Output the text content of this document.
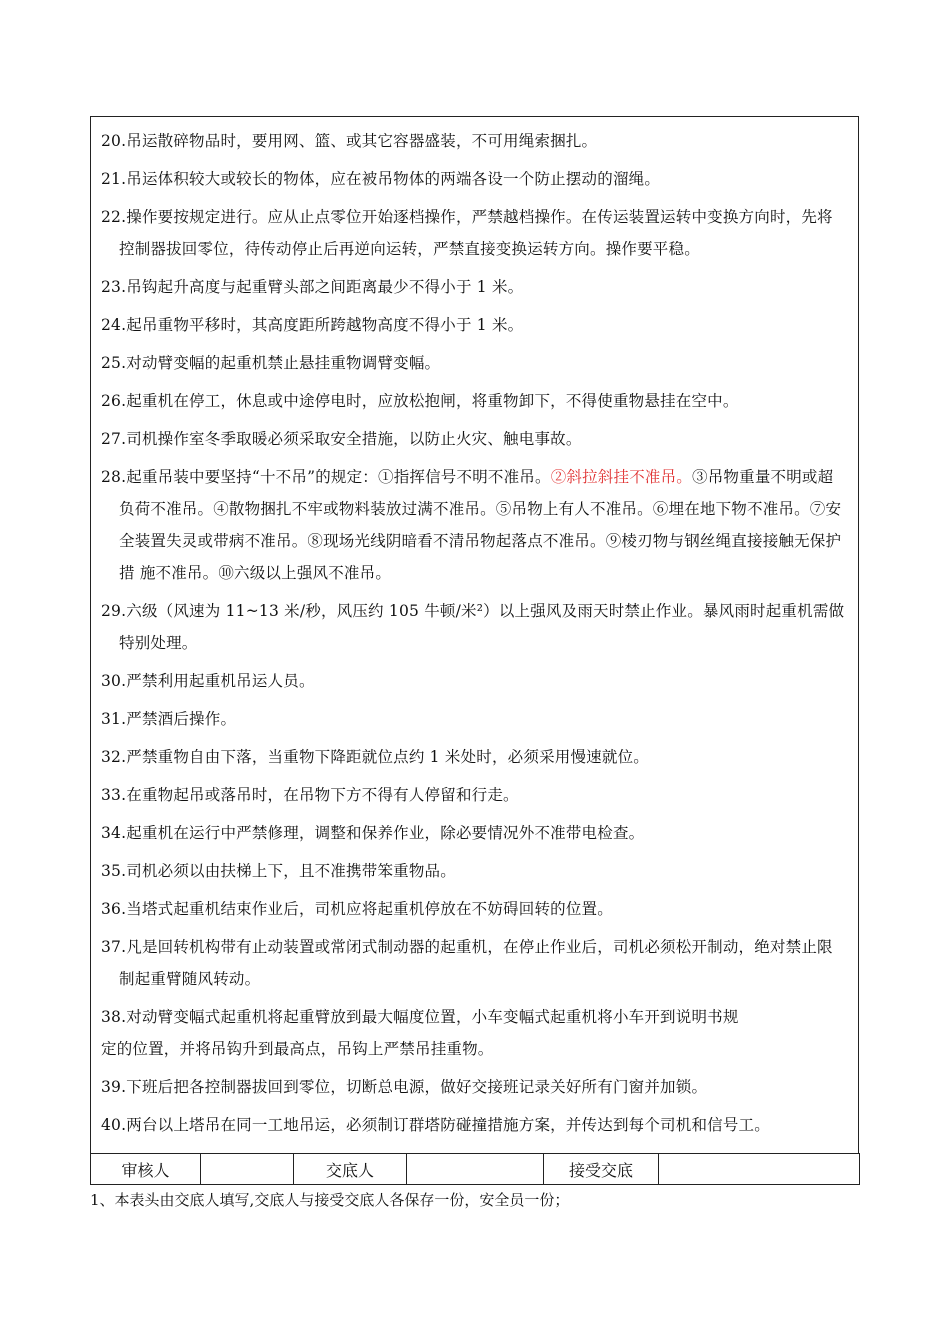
20.吊运散碎物品时，要用网、篮、或其它容器盛装，不可用绳索捆扎。

21.吊运体积较大或较长的物体，应在被吊物体的两端各设一个防止摆动的溜绳。

22.操作要按规定进行。应从止点零位开始逐档操作，严禁越档操作。在传运装置运转中变换方向时，先将控制器拔回零位，待传动停止后再逆向运转，严禁直接变换运转方向。操作要平稳。

23.吊钩起升高度与起重臂头部之间距离最少不得小于 1 米。

24.起吊重物平移时，其高度距所跨越物高度不得小于 1 米。

25.对动臂变幅的起重机禁止悬挂重物调臂变幅。

26.起重机在停工，休息或中途停电时，应放松抱闸，将重物卸下，不得使重物悬挂在空中。

27.司机操作室冬季取暖必须采取安全措施，以防止火灾、触电事故。

28.起重吊装中要坚持“十不吊”的规定：①指挥信号不明不准吊。②斜拉斜挂不准吊。③吊物重量不明或超负荷不准吊。④散物捆扎不牢或物料装放过满不准吊。⑤吊物上有人不准吊。⑥埋在地下物不准吊。⑦安全装置失灵或带病不准吊。⑧现场光线阴暗看不清吊物起落点不准吊。⑨棱刃物与钢丝绳直接接触无保护措 施不准吊。⑩六级以上强风不准吊。

29.六级（风速为 11~13 米/秒，风压约 105 牛顿/米²）以上强风及雨天时禁止作业。暴风雨时起重机需做特别处理。

30.严禁利用起重机吊运人员。

31.严禁酒后操作。

32.严禁重物自由下落，当重物下降距就位点约 1 米处时，必须采用慢速就位。

33.在重物起吊或落吊时，在吊物下方不得有人停留和行走。

34.起重机在运行中严禁修理，调整和保养作业，除必要情况外不准带电检查。

35.司机必须以由扶梯上下，且不准携带笨重物品。

36.当塔式起重机结束作业后，司机应将起重机停放在不妨碍回转的位置。

37.凡是回转机构带有止动装置或常闭式制动器的起重机，在停止作业后，司机必须松开制动，绝对禁止限制起重臂随风转动。

38.对动臂变幅式起重机将起重臂放到最大幅度位置，小车变幅式起重机将小车开到说明书规

定的位置，并将吊钩升到最高点，吊钩上严禁吊挂重物。

39.下班后把各控制器拔回到零位，切断总电源，做好交接班记录关好所有门窗并加锁。

40.两台以上塔吊在同一工地吊运，必须制订群塔防碰撞措施方案，并传达到每个司机和信号工。

审核人		交底人		接受交底	
1、本表头由交底人填写,交底人与接受交底人各保存一份，安全员一份；
